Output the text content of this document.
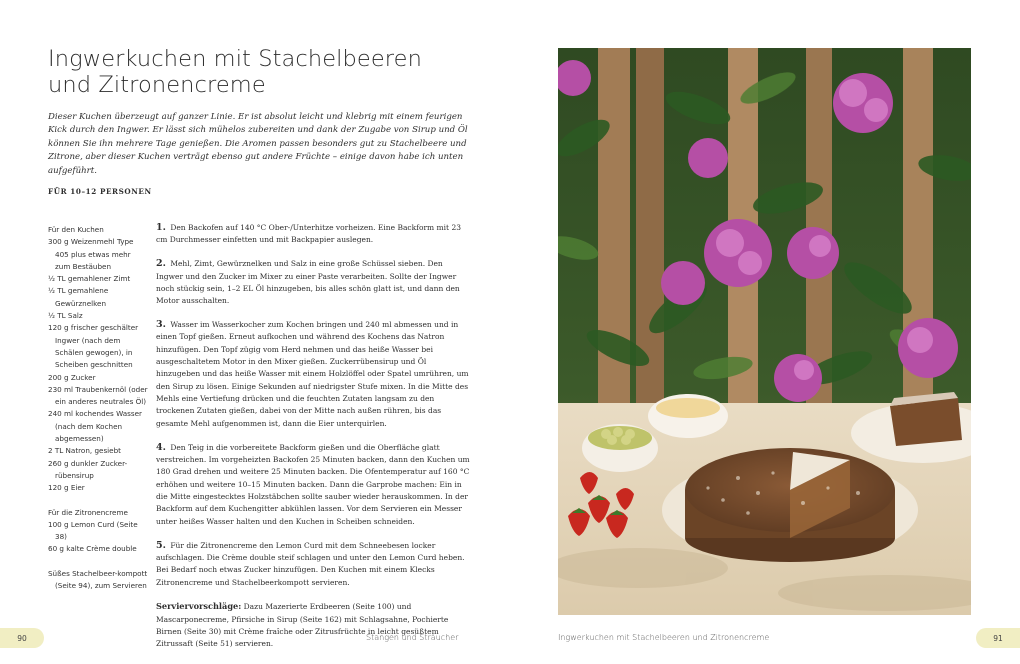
Ingwerkuchen mit Stachelbeeren
und Zitronencreme

Dieser Kuchen überzeugt auf ganzer Linie. Er ist absolut leicht und klebrig mit einem feurigen Kick durch den Ingwer. Er lässt sich mühelos zubereiten und dank der Zugabe von Sirup und Öl können Sie ihn mehrere Tage genießen. Die Aromen passen besonders gut zu Stachelbeere und Zitrone, aber dieser Kuchen verträgt ebenso gut andere Früchte – einige davon habe ich unten aufgeführt.

FÜR 10–12 PERSONEN
Für den Kuchen
300 g Weizenmehl Type 405 plus etwas mehr zum Bestäuben
½ TL gemahlener Zimt
½ TL gemahlene Gewürznelken
½ TL Salz
120 g frischer geschälter Ingwer (nach dem Schälen gewogen), in Scheiben geschnitten
200 g Zucker
230 ml Traubenkernöl (oder ein anderes neutrales Öl)
240 ml kochendes Wasser (nach dem Kochen abgemessen)
2 TL Natron, gesiebt
260 g dunkler Zucker-rübensirup
120 g Eier
Für die Zitronencreme
100 g Lemon Curd (Seite 38)
60 g kalte Crème double
Süßes Stachelbeer-kompott (Seite 94), zum Servieren

1. Den Backofen auf 140 °C Ober-/Unterhitze vorheizen. Eine Backform mit 23 cm Durchmesser einfetten und mit Backpapier auslegen.

2. Mehl, Zimt, Gewürznelken und Salz in eine große Schüssel sieben. Den Ingwer und den Zucker im Mixer zu einer Paste verarbeiten. Sollte der Ingwer noch stückig sein, 1–2 EL Öl hinzugeben, bis alles schön glatt ist, und dann den Motor ausschalten.

3. Wasser im Wasserkocher zum Kochen bringen und 240 ml abmessen und in einen Topf gießen. Erneut aufkochen und während des Kochens das Natron hinzufügen. Den Topf zügig vom Herd nehmen und das heiße Wasser bei ausgeschaltetem Motor in den Mixer gießen. Zuckerrübensirup und Öl hinzugeben und das heiße Wasser mit einem Holzlöffel oder Spatel umrühren, um den Sirup zu lösen. Einige Sekunden auf niedrigster Stufe mixen. In die Mitte des Mehls eine Vertiefung drücken und die feuchten Zutaten langsam zu den trockenen Zutaten gießen, dabei von der Mitte nach außen rühren, bis das gesamte Mehl aufgenommen ist, dann die Eier unterquirlen.

4. Den Teig in die vorbereitete Backform gießen und die Oberfläche glatt verstreichen. Im vorgeheizten Backofen 25 Minuten backen, dann den Kuchen um 180 Grad drehen und weitere 25 Minuten backen. Die Ofentemperatur auf 160 °C erhöhen und weitere 10–15 Minuten backen. Dann die Garprobe machen: Ein in die Mitte eingestecktes Holzstäbchen sollte sauber wieder herauskommen. In der Backform auf dem Kuchengitter abkühlen lassen. Vor dem Servieren ein Messer unter heißes Wasser halten und den Kuchen in Scheiben schneiden.

5. Für die Zitronencreme den Lemon Curd mit dem Schneebesen locker aufschlagen. Die Crème double steif schlagen und unter den Lemon Curd heben. Bei Bedarf noch etwas Zucker hinzufügen. Den Kuchen mit einem Klecks Zitronencreme und Stachelbeerkompott servieren.

Serviervorschläge: Dazu Mazerierte Erdbeeren (Seite 100) und Mascarponecreme, Pfirsiche in Sirup (Seite 162) mit Schlagsahne, Pochierte Birnen (Seite 30) mit Crème fraîche oder Zitrusfrüchte in leicht gesüßtem Zitrussaft (Seite 51) servieren.

90	Stangen und Sträucher	Ingwerkuchen mit Stachelbeeren und Zitronencreme	91
